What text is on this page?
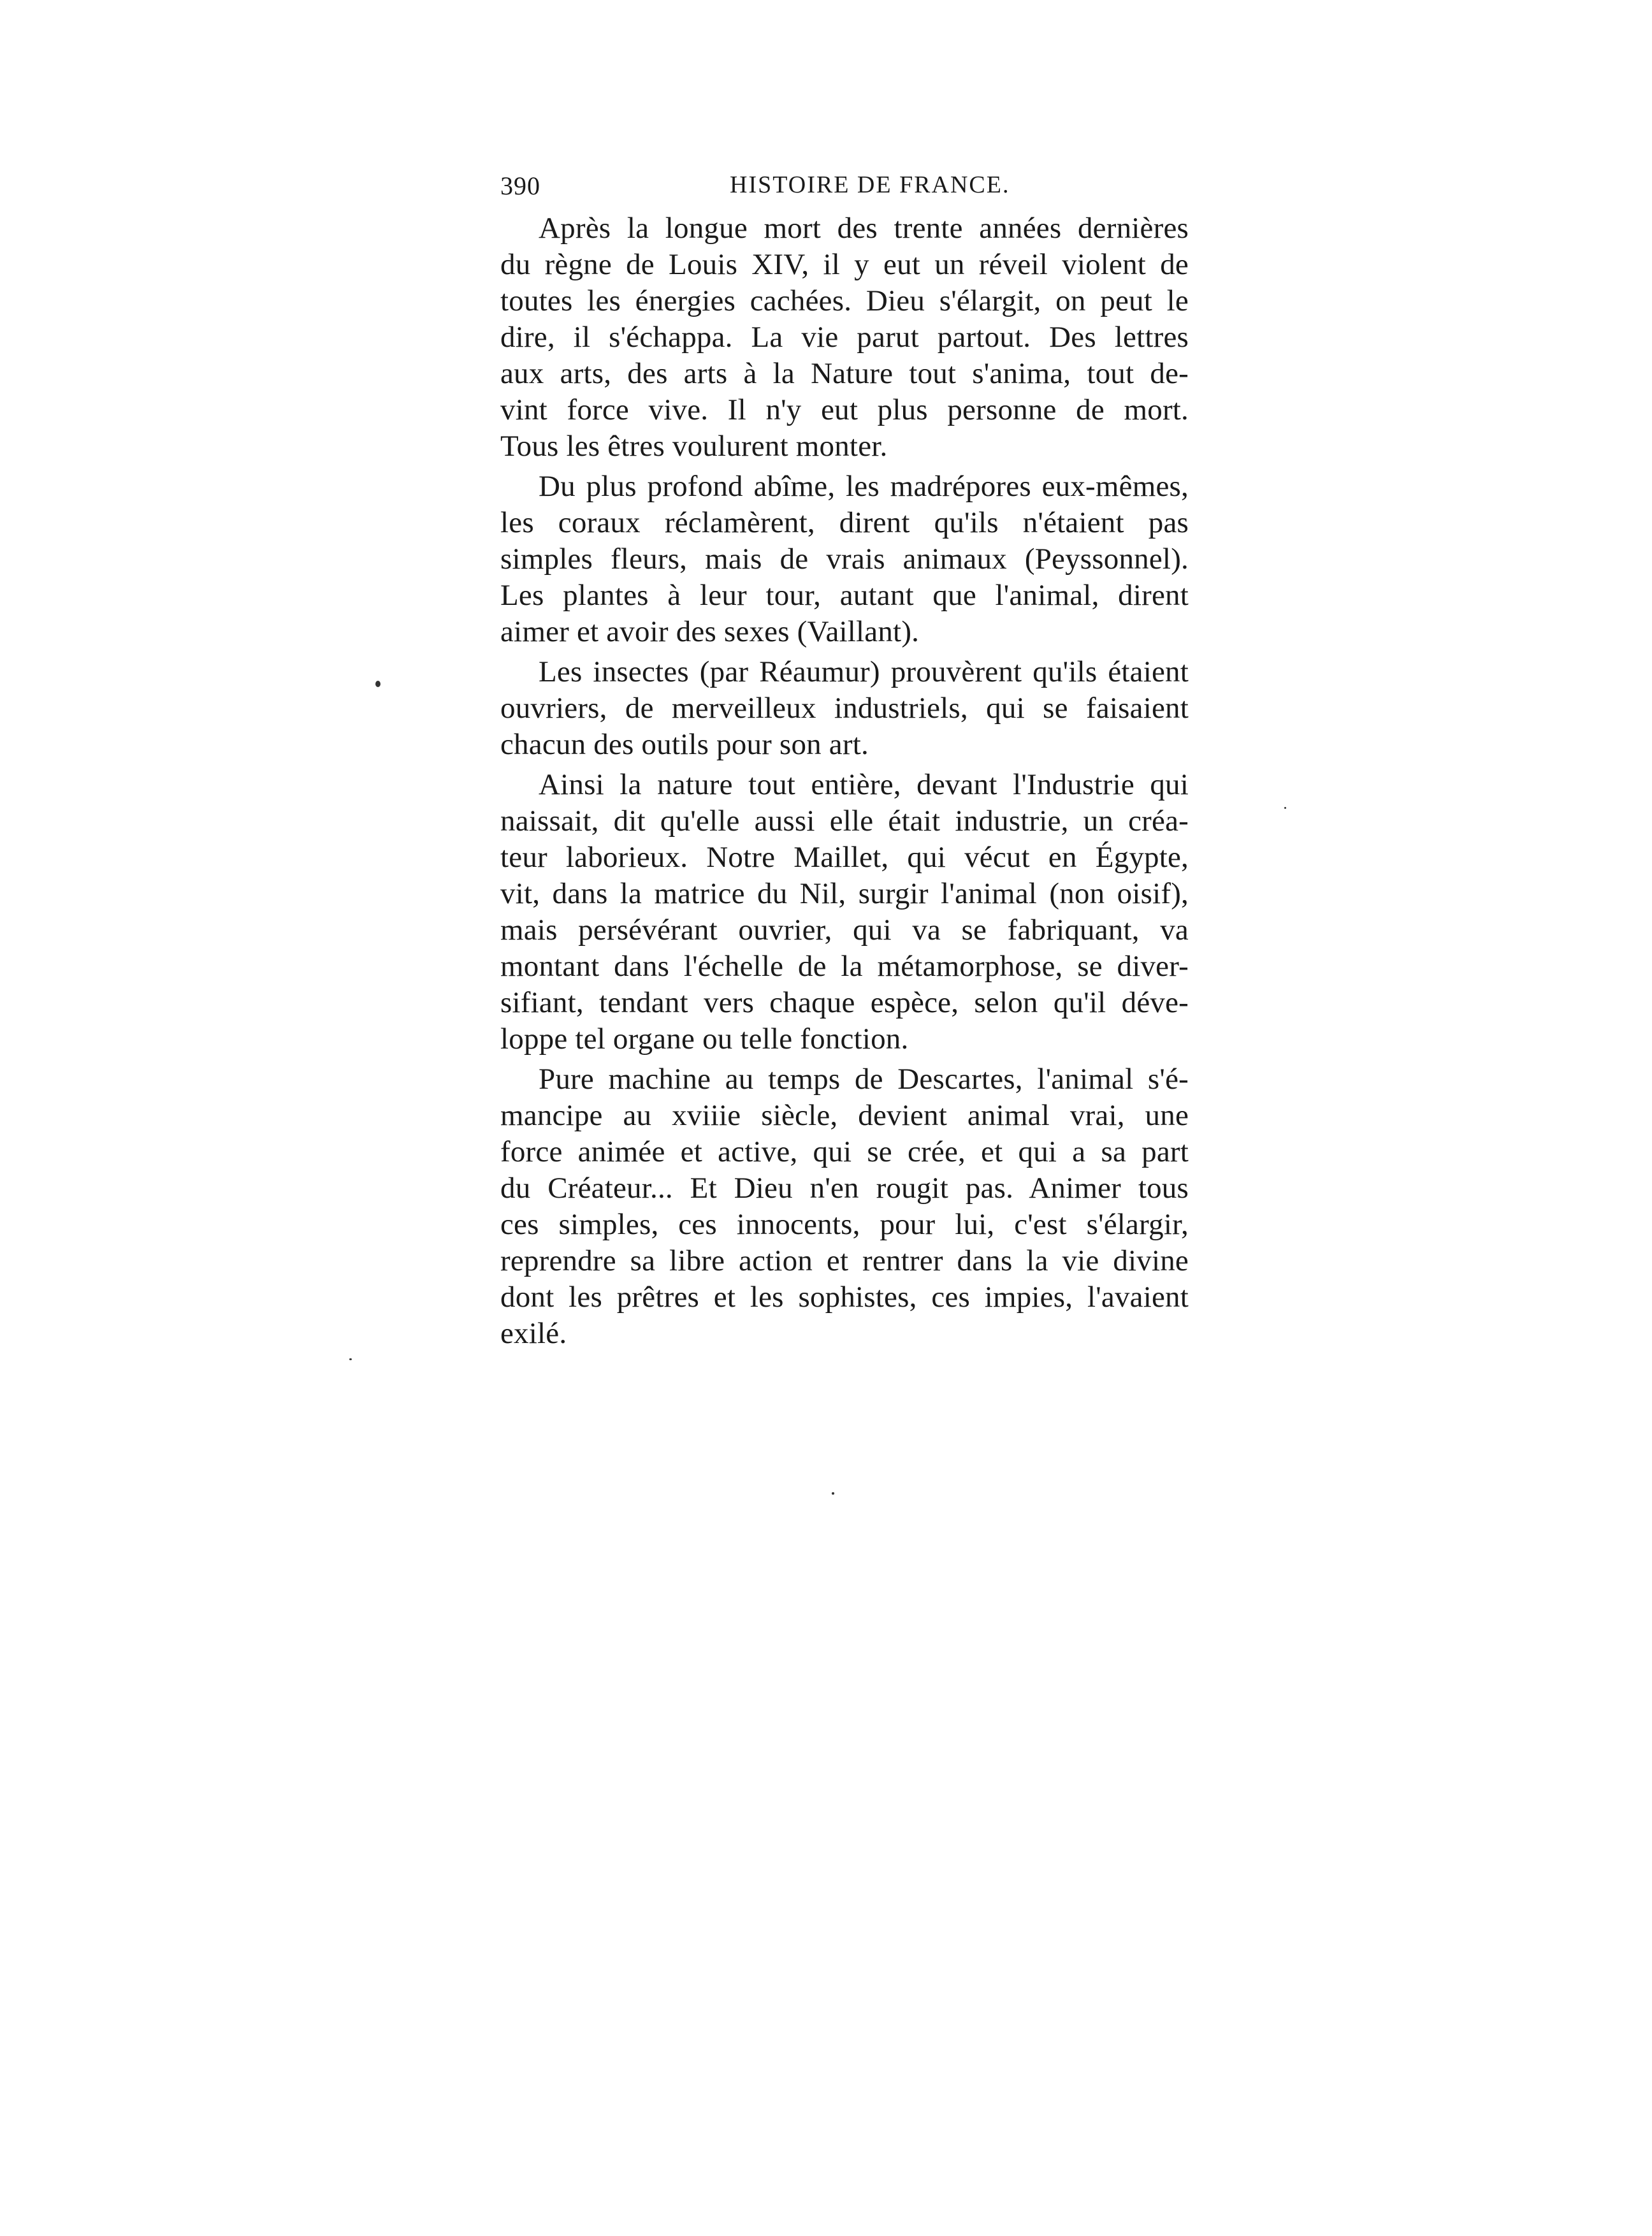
390	HISTOIRE DE FRANCE.
Après la longue mort des trente années dernières
du règne de Louis XIV, il y eut un réveil violent de
toutes les énergies cachées. Dieu s'élargit, on peut le
dire, il s'échappa. La vie parut partout. Des lettres
aux arts, des arts à la Nature tout s'anima, tout de-
vint force vive. Il n'y eut plus personne de mort.
Tous les êtres voulurent monter.
Du plus profond abîme, les madrépores eux-mêmes,
les coraux réclamèrent, dirent qu'ils n'étaient pas
simples fleurs, mais de vrais animaux (Peyssonnel).
Les plantes à leur tour, autant que l'animal, dirent
aimer et avoir des sexes (Vaillant).
Les insectes (par Réaumur) prouvèrent qu'ils étaient
ouvriers, de merveilleux industriels, qui se faisaient
chacun des outils pour son art.
Ainsi la nature tout entière, devant l'Industrie qui
naissait, dit qu'elle aussi elle était industrie, un créa-
teur laborieux. Notre Maillet, qui vécut en Égypte,
vit, dans la matrice du Nil, surgir l'animal (non oisif),
mais persévérant ouvrier, qui va se fabriquant, va
montant dans l'échelle de la métamorphose, se diver-
sifiant, tendant vers chaque espèce, selon qu'il déve-
loppe tel organe ou telle fonction.
Pure machine au temps de Descartes, l'animal s'é-
mancipe au xviiie siècle, devient animal vrai, une
force animée et active, qui se crée, et qui a sa part
du Créateur... Et Dieu n'en rougit pas. Animer tous
ces simples, ces innocents, pour lui, c'est s'élargir,
reprendre sa libre action et rentrer dans la vie divine
dont les prêtres et les sophistes, ces impies, l'avaient
exilé.
